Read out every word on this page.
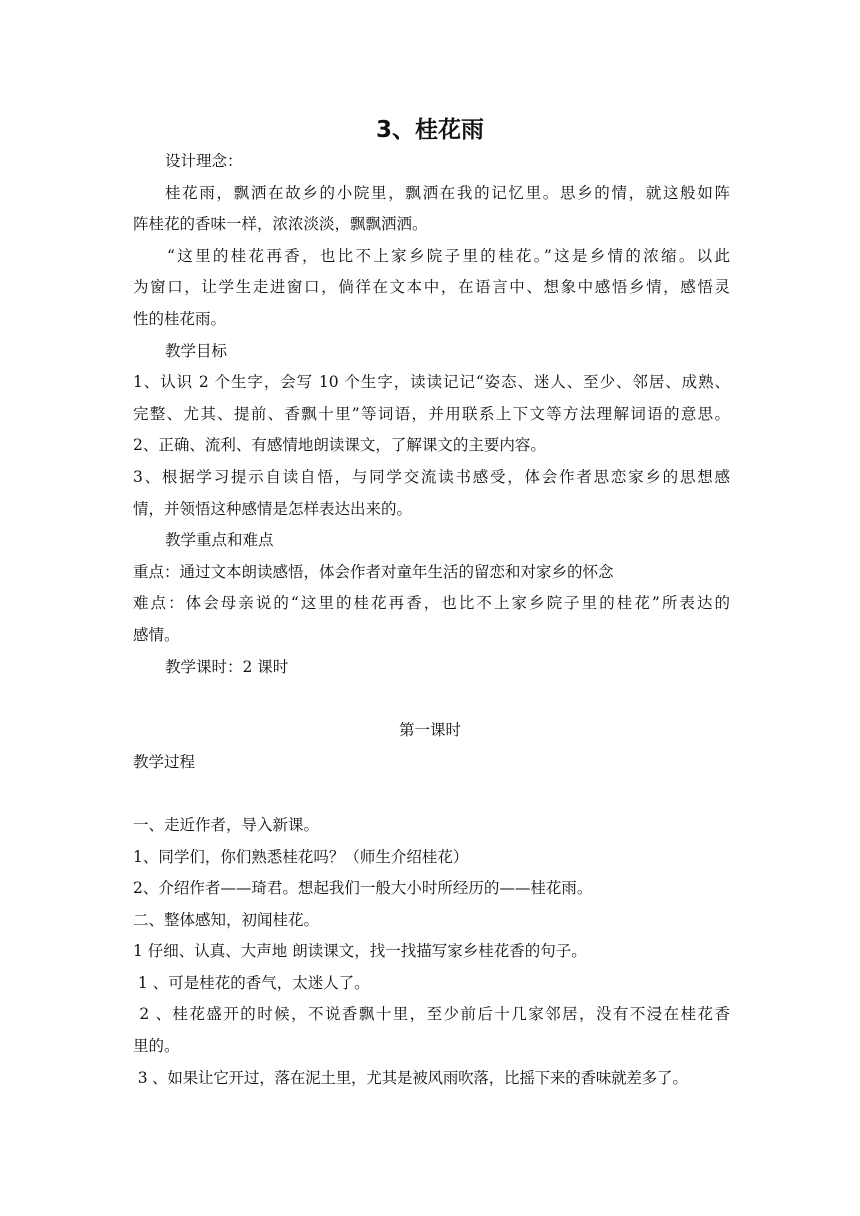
3、桂花雨
设计理念：
桂花雨，飘洒在故乡的小院里，飘洒在我的记忆里。思乡的情，就这般如阵
阵桂花的香味一样，浓浓淡淡，飘飘洒洒。
“这里的桂花再香，也比不上家乡院子里的桂花。”这是乡情的浓缩。以此
为窗口，让学生走进窗口，倘徉在文本中，在语言中、想象中感悟乡情，感悟灵
性的桂花雨。
教学目标
1、认识 2 个生字，会写 10 个生字，读读记记“姿态、迷人、至少、邻居、成熟、
完整、尤其、提前、香飘十里”等词语，并用联系上下文等方法理解词语的意思。
2、正确、流利、有感情地朗读课文，了解课文的主要内容。
3、根据学习提示自读自悟，与同学交流读书感受，体会作者思恋家乡的思想感
情，并领悟这种感情是怎样表达出来的。
教学重点和难点
重点：通过文本朗读感悟，体会作者对童年生活的留恋和对家乡的怀念
难点：体会母亲说的“这里的桂花再香，也比不上家乡院子里的桂花”所表达的
感情。
教学课时：2 课时
第一课时
教学过程
一、走近作者，导入新课。
1、同学们，你们熟悉桂花吗？（师生介绍桂花）
2、介绍作者——琦君。想起我们一般大小时所经历的——桂花雨。
二、整体感知，初闻桂花。
1 仔细、认真、大声地 朗读课文，找一找描写家乡桂花香的句子。
1 、可是桂花的香气，太迷人了。
2 、桂花盛开的时候，不说香飘十里，至少前后十几家邻居，没有不浸在桂花香
里的。
3 、如果让它开过，落在泥土里，尤其是被风雨吹落，比摇下来的香味就差多了。
